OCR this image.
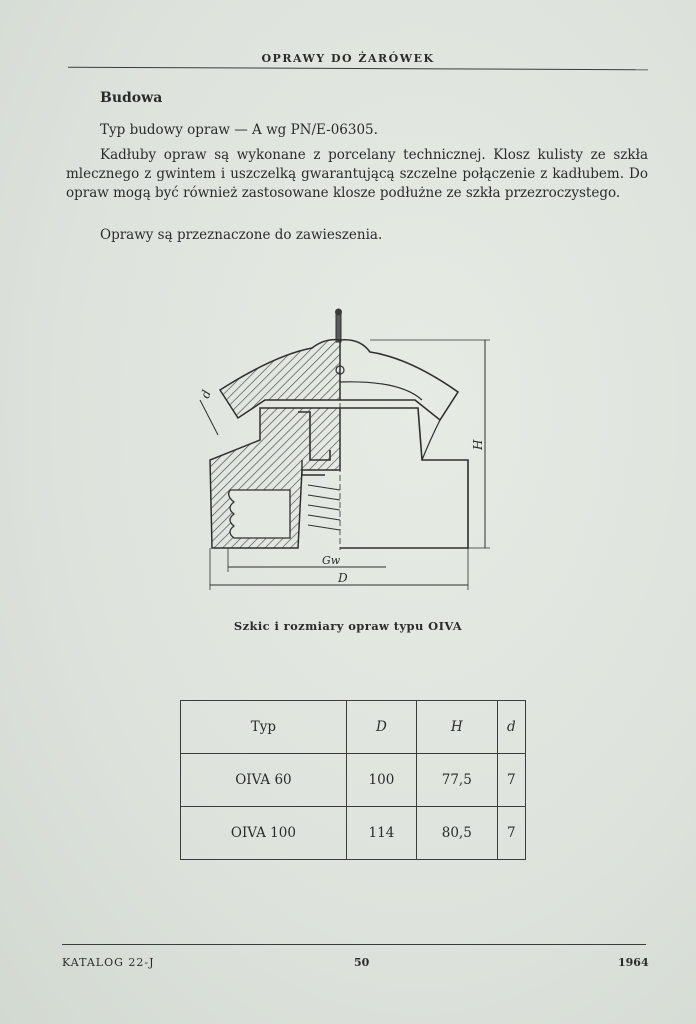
OPRAWY DO ŻARÓWEK
Budowa
Typ budowy opraw — A wg PN/E-06305.
Kadłuby opraw są wykonane z porcelany technicznej. Klosz kulisty ze szkła mlecznego z gwintem i uszczelką gwarantującą szczelne połączenie z kadłubem. Do opraw mogą być również zastosowane klosze podłużne ze szkła przezroczystego.
Oprawy są przeznaczone do zawieszenia.
H
d
Gw
D
Szkic i rozmiary opraw typu OIVA
Typ	D	H	d
OIVA 60	100	77,5	7
OIVA 100	114	80,5	7
KATALOG 22-J	50	1964
